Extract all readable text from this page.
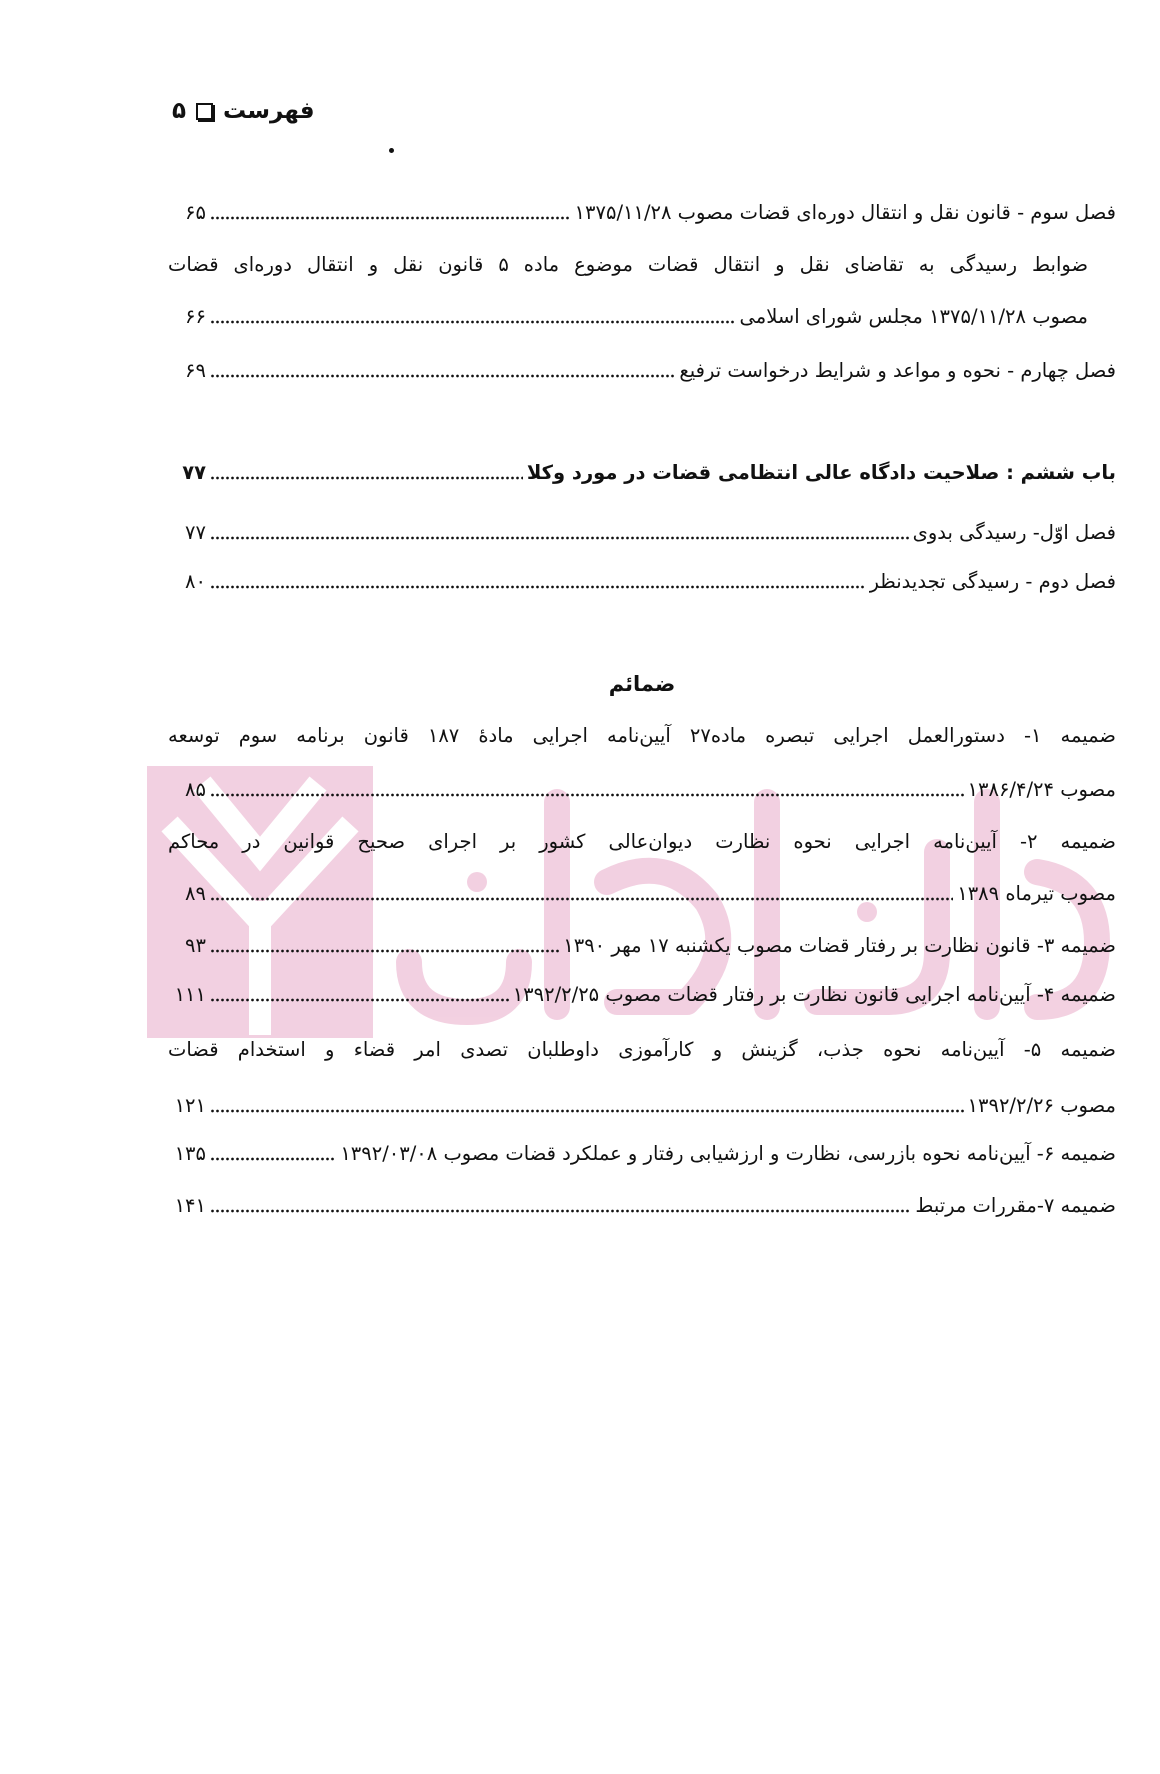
فهرست
۵
فصل سوم - قانون نقل و انتقال دوره‌ای قضات مصوب ۱۳۷۵/۱۱/۲۸
۶۵
ضوابط رسیدگی به تقاضای نقل و انتقال قضات موضوع ماده ۵ قانون نقل و انتقال دوره‌ای قضات
مصوب ۱۳۷۵/۱۱/۲۸ مجلس شورای اسلامی
۶۶
فصل چهارم - نحوه و مواعد و شرایط درخواست ترفیع
۶۹
باب ششم : صلاحیت دادگاه عالی انتظامی قضات در مورد وکلا
۷۷
فصل اوّل- رسیدگی بدوی
۷۷
فصل دوم - رسیدگی تجدیدنظر
۸۰
ضمائم
ضمیمه ۱- دستورالعمل اجرایی تبصره ماده۲۷ آیین‌نامه اجرایی مادهٔ ۱۸۷ قانون برنامه سوم توسعه
مصوب ۱۳۸۶/۴/۲۴
۸۵
ضمیمه ۲- آیین‌نامه اجرایی نحوه نظارت دیوان‌عالی کشور بر اجرای صحیح قوانین در محاکم
مصوب تیرماه ۱۳۸۹
۸۹
ضمیمه ۳- قانون نظارت بر رفتار قضات مصوب یکشنبه ۱۷ مهر ۱۳۹۰
۹۳
ضمیمه ۴- آیین‌نامه اجرایی قانون نظارت بر رفتار قضات مصوب ۱۳۹۲/۲/۲۵
۱۱۱
ضمیمه ۵- آیین‌نامه نحوه جذب، گزینش و کارآموزی داوطلبان تصدی امر قضاء و استخدام قضات
مصوب ۱۳۹۲/۲/۲۶
۱۲۱
ضمیمه ۶- آیین‌نامه نحوه بازرسی، نظارت و ارزشیابی رفتار و عملکرد قضات مصوب ۱۳۹۲/۰۳/۰۸
۱۳۵
ضمیمه ۷-مقررات مرتبط
۱۴۱
